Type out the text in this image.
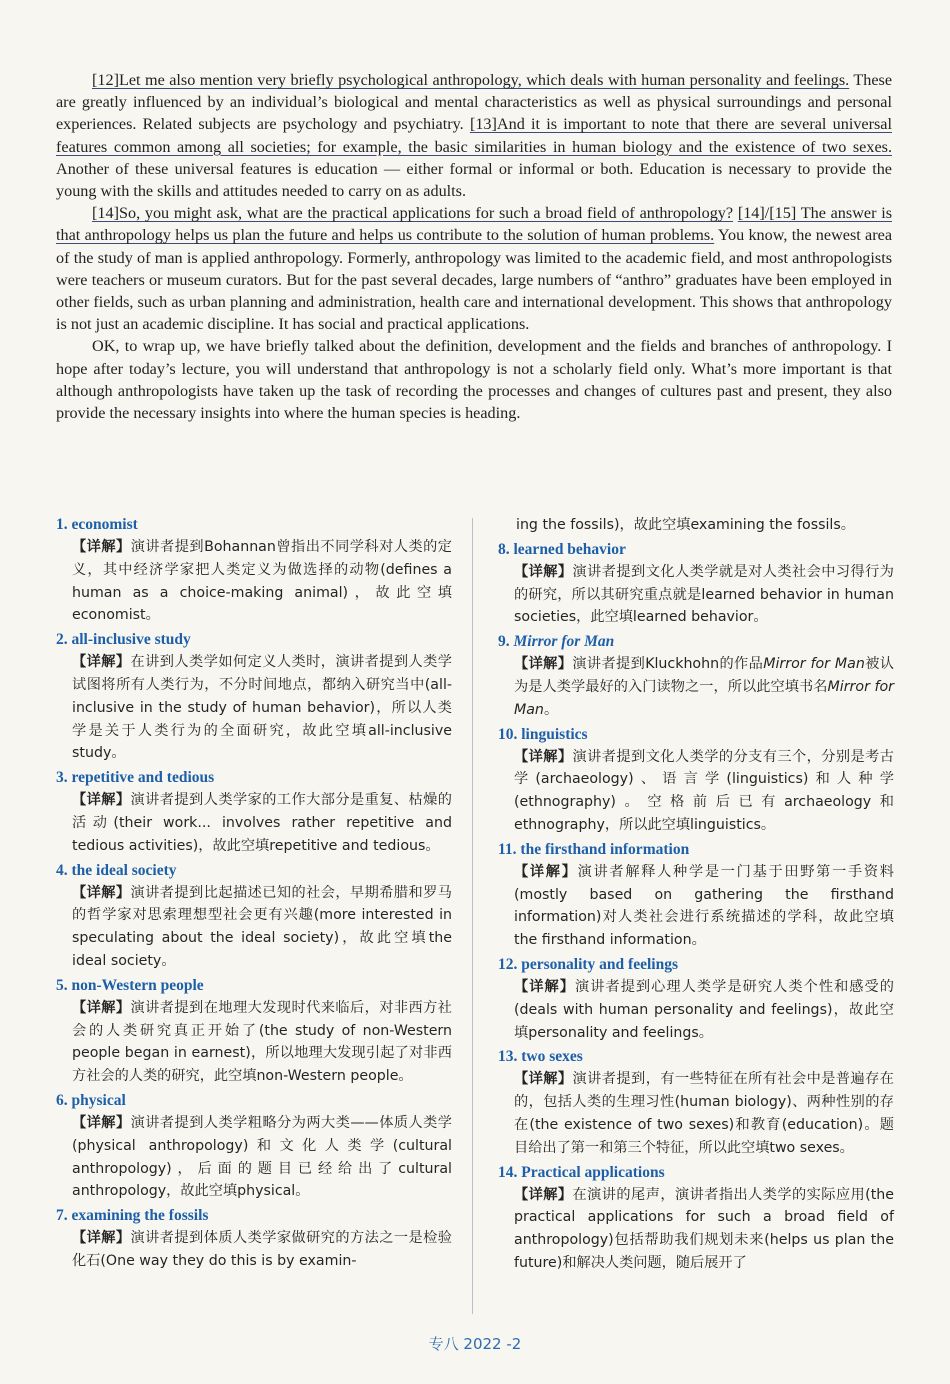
[12]Let me also mention very briefly psychological anthropology, which deals with human personality and feelings. These are greatly influenced by an individual’s biological and mental characteristics as well as physical surroundings and personal experiences. Related subjects are psychology and psychiatry. [13]And it is important to note that there are several universal features common among all societies; for example, the basic similarities in human biology and the existence of two sexes. Another of these universal features is education — either formal or informal or both. Education is necessary to provide the young with the skills and attitudes needed to carry on as adults.

[14]So, you might ask, what are the practical applications for such a broad field of anthropology? [14]/[15] The answer is that anthropology helps us plan the future and helps us contribute to the solution of human problems. You know, the newest area of the study of man is applied anthropology. Formerly, anthropology was limited to the academic field, and most anthropologists were teachers or museum curators. But for the past several decades, large numbers of “anthro” graduates have been employed in other fields, such as urban planning and administration, health care and international development. This shows that anthropology is not just an academic discipline. It has social and practical applications.

OK, to wrap up, we have briefly talked about the definition, development and the fields and branches of anthropology. I hope after today’s lecture, you will understand that anthropology is not a scholarly field only. What’s more important is that although anthropologists have taken up the task of recording the processes and changes of cultures past and present, they also provide the necessary insights into where the human species is heading.

1. economist
【详解】演讲者提到Bohannan曾指出不同学科对人类的定义，其中经济学家把人类定义为做选择的动物(defines a human as a choice-making animal)，故此空填economist。
2. all-inclusive study
【详解】在讲到人类学如何定义人类时，演讲者提到人类学试图将所有人类行为，不分时间地点，都纳入研究当中(all-inclusive in the study of human behavior)，所以人类学是关于人类行为的全面研究，故此空填all-inclusive study。
3. repetitive and tedious
【详解】演讲者提到人类学家的工作大部分是重复、枯燥的活动(their work... involves rather repetitive and tedious activities)，故此空填repetitive and tedious。
4. the ideal society
【详解】演讲者提到比起描述已知的社会，早期希腊和罗马的哲学家对思索理想型社会更有兴趣(more interested in speculating about the ideal society)，故此空填the ideal society。
5. non-Western people
【详解】演讲者提到在地理大发现时代来临后，对非西方社会的人类研究真正开始了(the study of non-Western people began in earnest)，所以地理大发现引起了对非西方社会的人类的研究，此空填non-Western people。
6. physical
【详解】演讲者提到人类学粗略分为两大类——体质人类学(physical anthropology)和文化人类学(cultural anthropology)，后面的题目已经给出了cultural anthropology，故此空填physical。
7. examining the fossils
【详解】演讲者提到体质人类学家做研究的方法之一是检验化石(One way they do this is by examin-
ing the fossils)，故此空填examining the fossils。
8. learned behavior
【详解】演讲者提到文化人类学就是对人类社会中习得行为的研究，所以其研究重点就是learned behavior in human societies，此空填learned behavior。
9. Mirror for Man
【详解】演讲者提到Kluckhohn的作品Mirror for Man被认为是人类学最好的入门读物之一，所以此空填书名Mirror for Man。
10. linguistics
【详解】演讲者提到文化人类学的分支有三个，分别是考古学(archaeology)、语言学(linguistics)和人种学(ethnography)。空格前后已有archaeology和ethnography，所以此空填linguistics。
11. the firsthand information
【详解】演讲者解释人种学是一门基于田野第一手资料(mostly based on gathering the firsthand information)对人类社会进行系统描述的学科，故此空填the firsthand information。
12. personality and feelings
【详解】演讲者提到心理人类学是研究人类个性和感受的(deals with human personality and feelings)，故此空填personality and feelings。
13. two sexes
【详解】演讲者提到，有一些特征在所有社会中是普遍存在的，包括人类的生理习性(human biology)、两种性别的存在(the existence of two sexes)和教育(education)。题目给出了第一和第三个特征，所以此空填two sexes。
14. Practical applications
【详解】在演讲的尾声，演讲者指出人类学的实际应用(the practical applications for such a broad field of anthropology)包括帮助我们规划未来(helps us plan the future)和解决人类问题，随后展开了
专八 2022 -2
